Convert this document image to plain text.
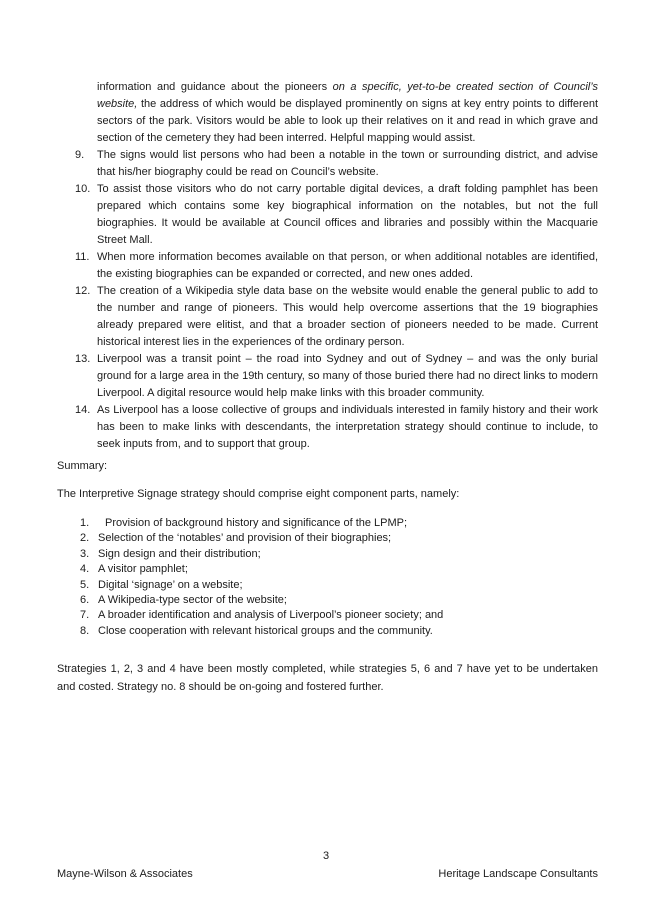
information and guidance about the pioneers on a specific, yet-to-be created section of Council’s website, the address of which would be displayed prominently on signs at key entry points to different sectors of the park. Visitors would be able to look up their relatives on it and read in which grave and section of the cemetery they had been interred. Helpful mapping would assist.

9.	The signs would list persons who had been a notable in the town or surrounding district, and advise that his/her biography could be read on Council’s website.
10. To assist those visitors who do not carry portable digital devices, a draft folding pamphlet has been prepared which contains some key biographical information on the notables, but not the full biographies. It would be available at Council offices and libraries and possibly within the Macquarie Street Mall.
11. When more information becomes available on that person, or when additional notables are identified, the existing biographies can be expanded or corrected, and new ones added.
12. The creation of a Wikipedia style data base on the website would enable the general public to add to the number and range of pioneers. This would help overcome assertions that the 19 biographies already prepared were elitist, and that a broader section of pioneers needed to be made. Current historical interest lies in the experiences of the ordinary person.
13. Liverpool was a transit point – the road into Sydney and out of Sydney – and was the only burial ground for a large area in the 19th century, so many of those buried there had no direct links to modern Liverpool. A digital resource would help make links with this broader community.
14. As Liverpool has a loose collective of groups and individuals interested in family history and their work has been to make links with descendants, the interpretation strategy should continue to include, to seek inputs from, and to support that group.

Summary:

The Interpretive Signage strategy should comprise eight component parts, namely:

1.	Provision of background history and significance of the LPMP;
2. Selection of the ‘notables’ and provision of their biographies;
3. Sign design and their distribution;
4. A visitor pamphlet;
5. Digital ‘signage’ on a website;
6. A Wikipedia-type sector of the website;
7. A broader identification and analysis of Liverpool’s pioneer society; and
8. Close cooperation with relevant historical groups and the community.

Strategies 1, 2, 3 and 4 have been mostly completed, while strategies 5, 6 and 7 have yet to be undertaken and costed. Strategy no. 8 should be on-going and fostered further.

3
Mayne-Wilson & Associates	Heritage Landscape Consultants
